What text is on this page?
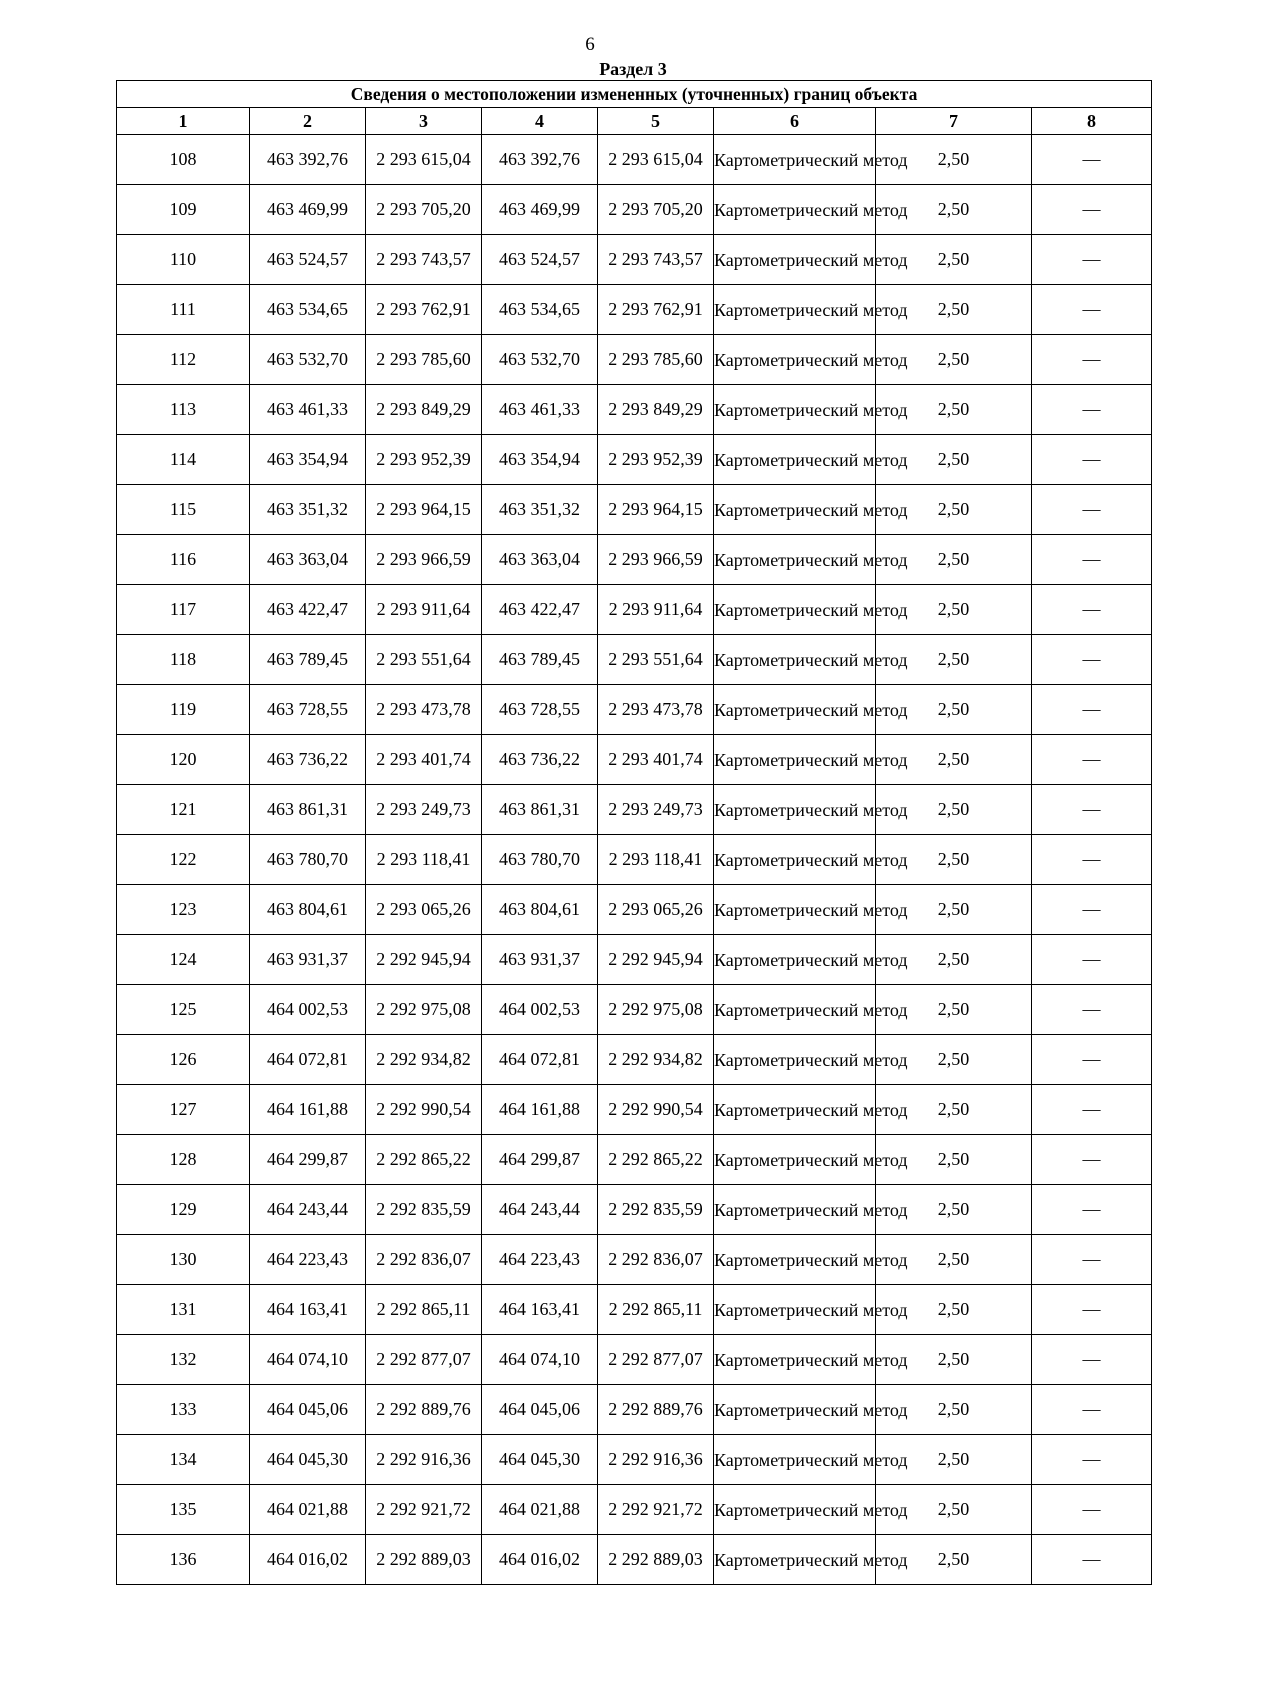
6
Раздел 3
Сведения о местоположении измененных (уточненных) границ объекта							
1	2	3	4	5	6	7	8
108	463 392,76	2 293 615,04	463 392,76	2 293 615,04	Картометрический метод	2,50	—
109	463 469,99	2 293 705,20	463 469,99	2 293 705,20	Картометрический метод	2,50	—
110	463 524,57	2 293 743,57	463 524,57	2 293 743,57	Картометрический метод	2,50	—
111	463 534,65	2 293 762,91	463 534,65	2 293 762,91	Картометрический метод	2,50	—
112	463 532,70	2 293 785,60	463 532,70	2 293 785,60	Картометрический метод	2,50	—
113	463 461,33	2 293 849,29	463 461,33	2 293 849,29	Картометрический метод	2,50	—
114	463 354,94	2 293 952,39	463 354,94	2 293 952,39	Картометрический метод	2,50	—
115	463 351,32	2 293 964,15	463 351,32	2 293 964,15	Картометрический метод	2,50	—
116	463 363,04	2 293 966,59	463 363,04	2 293 966,59	Картометрический метод	2,50	—
117	463 422,47	2 293 911,64	463 422,47	2 293 911,64	Картометрический метод	2,50	—
118	463 789,45	2 293 551,64	463 789,45	2 293 551,64	Картометрический метод	2,50	—
119	463 728,55	2 293 473,78	463 728,55	2 293 473,78	Картометрический метод	2,50	—
120	463 736,22	2 293 401,74	463 736,22	2 293 401,74	Картометрический метод	2,50	—
121	463 861,31	2 293 249,73	463 861,31	2 293 249,73	Картометрический метод	2,50	—
122	463 780,70	2 293 118,41	463 780,70	2 293 118,41	Картометрический метод	2,50	—
123	463 804,61	2 293 065,26	463 804,61	2 293 065,26	Картометрический метод	2,50	—
124	463 931,37	2 292 945,94	463 931,37	2 292 945,94	Картометрический метод	2,50	—
125	464 002,53	2 292 975,08	464 002,53	2 292 975,08	Картометрический метод	2,50	—
126	464 072,81	2 292 934,82	464 072,81	2 292 934,82	Картометрический метод	2,50	—
127	464 161,88	2 292 990,54	464 161,88	2 292 990,54	Картометрический метод	2,50	—
128	464 299,87	2 292 865,22	464 299,87	2 292 865,22	Картометрический метод	2,50	—
129	464 243,44	2 292 835,59	464 243,44	2 292 835,59	Картометрический метод	2,50	—
130	464 223,43	2 292 836,07	464 223,43	2 292 836,07	Картометрический метод	2,50	—
131	464 163,41	2 292 865,11	464 163,41	2 292 865,11	Картометрический метод	2,50	—
132	464 074,10	2 292 877,07	464 074,10	2 292 877,07	Картометрический метод	2,50	—
133	464 045,06	2 292 889,76	464 045,06	2 292 889,76	Картометрический метод	2,50	—
134	464 045,30	2 292 916,36	464 045,30	2 292 916,36	Картометрический метод	2,50	—
135	464 021,88	2 292 921,72	464 021,88	2 292 921,72	Картометрический метод	2,50	—
136	464 016,02	2 292 889,03	464 016,02	2 292 889,03	Картометрический метод	2,50	—
